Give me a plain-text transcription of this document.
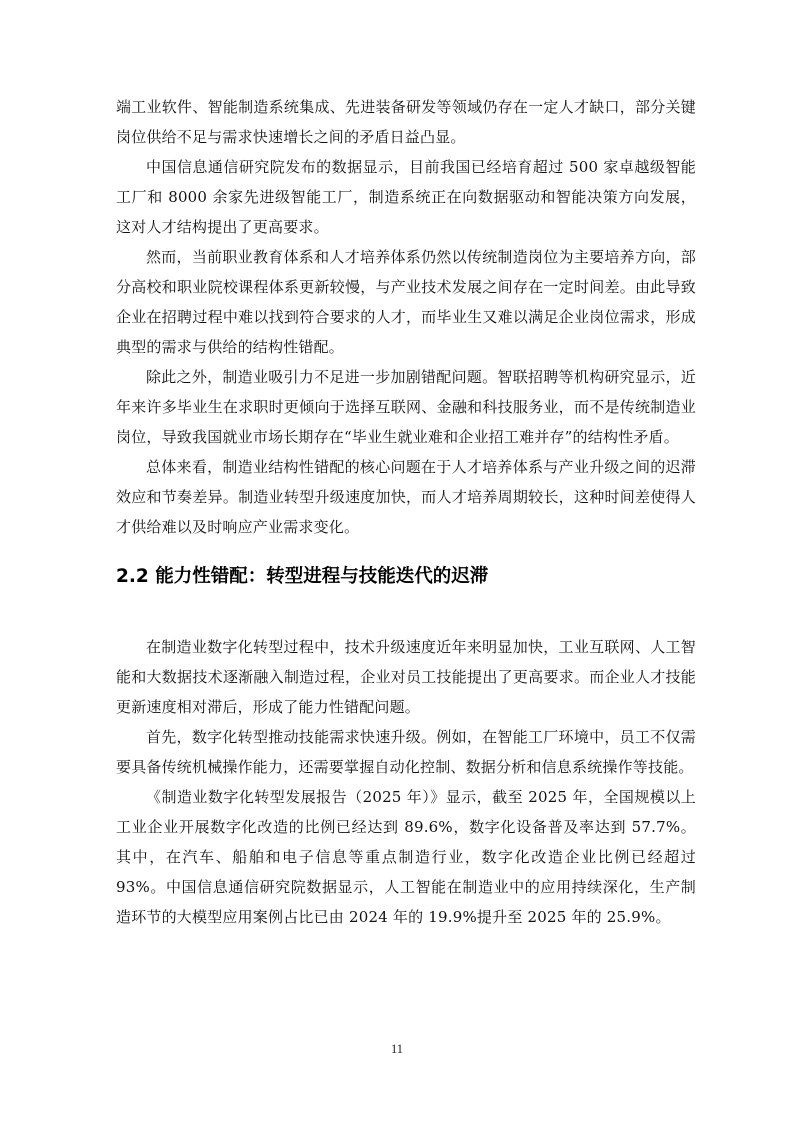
端工业软件、智能制造系统集成、先进装备研发等领域仍存在一定人才缺口，部分关键岗位供给不足与需求快速增长之间的矛盾日益凸显。

中国信息通信研究院发布的数据显示，目前我国已经培育超过 500 家卓越级智能工厂和 8000 余家先进级智能工厂，制造系统正在向数据驱动和智能决策方向发展，这对人才结构提出了更高要求。

然而，当前职业教育体系和人才培养体系仍然以传统制造岗位为主要培养方向，部分高校和职业院校课程体系更新较慢，与产业技术发展之间存在一定时间差。由此导致企业在招聘过程中难以找到符合要求的人才，而毕业生又难以满足企业岗位需求，形成典型的需求与供给的结构性错配。

除此之外，制造业吸引力不足进一步加剧错配问题。智联招聘等机构研究显示，近年来许多毕业生在求职时更倾向于选择互联网、金融和科技服务业，而不是传统制造业岗位，导致我国就业市场长期存在“毕业生就业难和企业招工难并存”的结构性矛盾。

总体来看，制造业结构性错配的核心问题在于人才培养体系与产业升级之间的迟滞效应和节奏差异。制造业转型升级速度加快，而人才培养周期较长，这种时间差使得人才供给难以及时响应产业需求变化。

2.2 能力性错配：转型进程与技能迭代的迟滞

在制造业数字化转型过程中，技术升级速度近年来明显加快，工业互联网、人工智能和大数据技术逐渐融入制造过程，企业对员工技能提出了更高要求。而企业人才技能更新速度相对滞后，形成了能力性错配问题。

首先，数字化转型推动技能需求快速升级。例如，在智能工厂环境中，员工不仅需要具备传统机械操作能力，还需要掌握自动化控制、数据分析和信息系统操作等技能。

《制造业数字化转型发展报告（2025 年）》显示，截至 2025 年，全国规模以上工业企业开展数字化改造的比例已经达到 89.6%，数字化设备普及率达到 57.7%。 其中，在汽车、船舶和电子信息等重点制造行业，数字化改造企业比例已经超过 93%。中国信息通信研究院数据显示，人工智能在制造业中的应用持续深化，生产制造环节的大模型应用案例占比已由 2024 年的 19.9%提升至 2025 年的 25.9%。

11
